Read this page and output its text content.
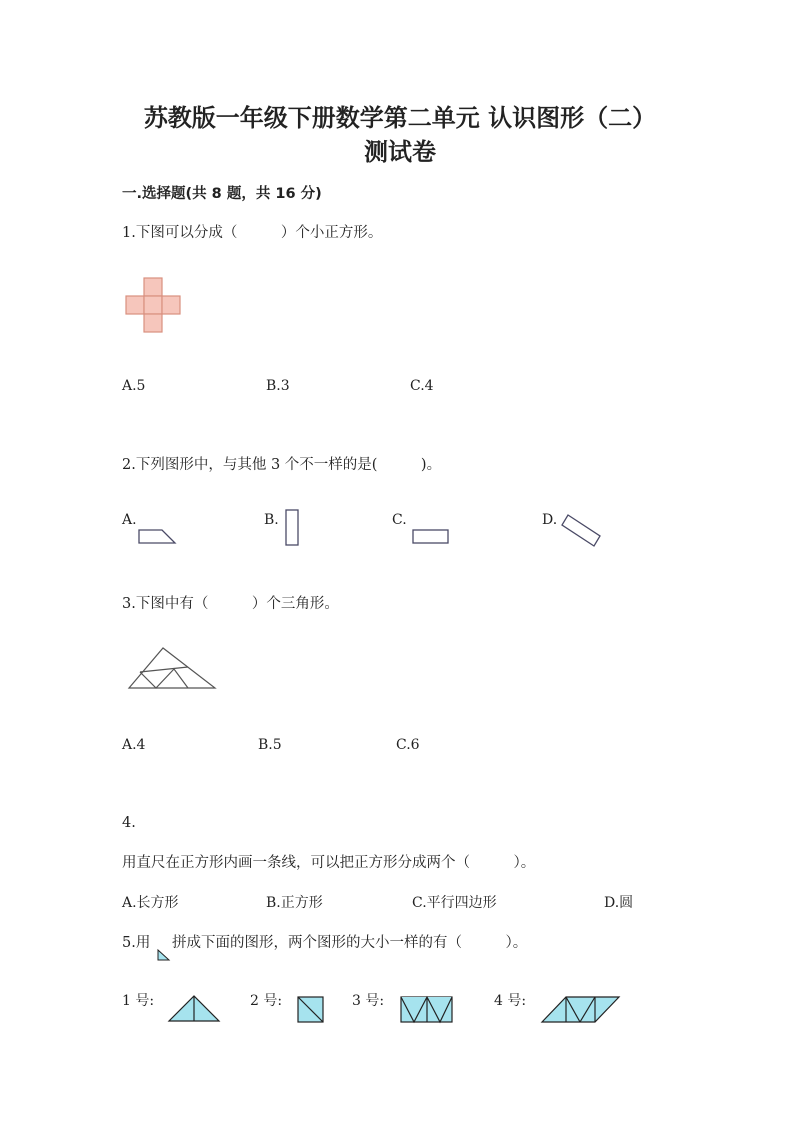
苏教版一年级下册数学第二单元 认识图形（二）
测试卷
一.选择题(共 8 题，共 16 分)
1.下图可以分成（　　　）个小正方形。
A.5	B.3	C.4
2.下列图形中，与其他 3 个不一样的是(　　　)。
A.	B.	C.	D.
3.下图中有（　　　）个三角形。
A.4	B.5	C.6
4.
用直尺在正方形内画一条线，可以把正方形分成两个（　　　）。
A.长方形	B.正方形	C.平行四边形	D.圆
5.用 拼成下面的图形，两个图形的大小一样的有（　　　）。
1 号:	2 号:	3 号:	4 号:
